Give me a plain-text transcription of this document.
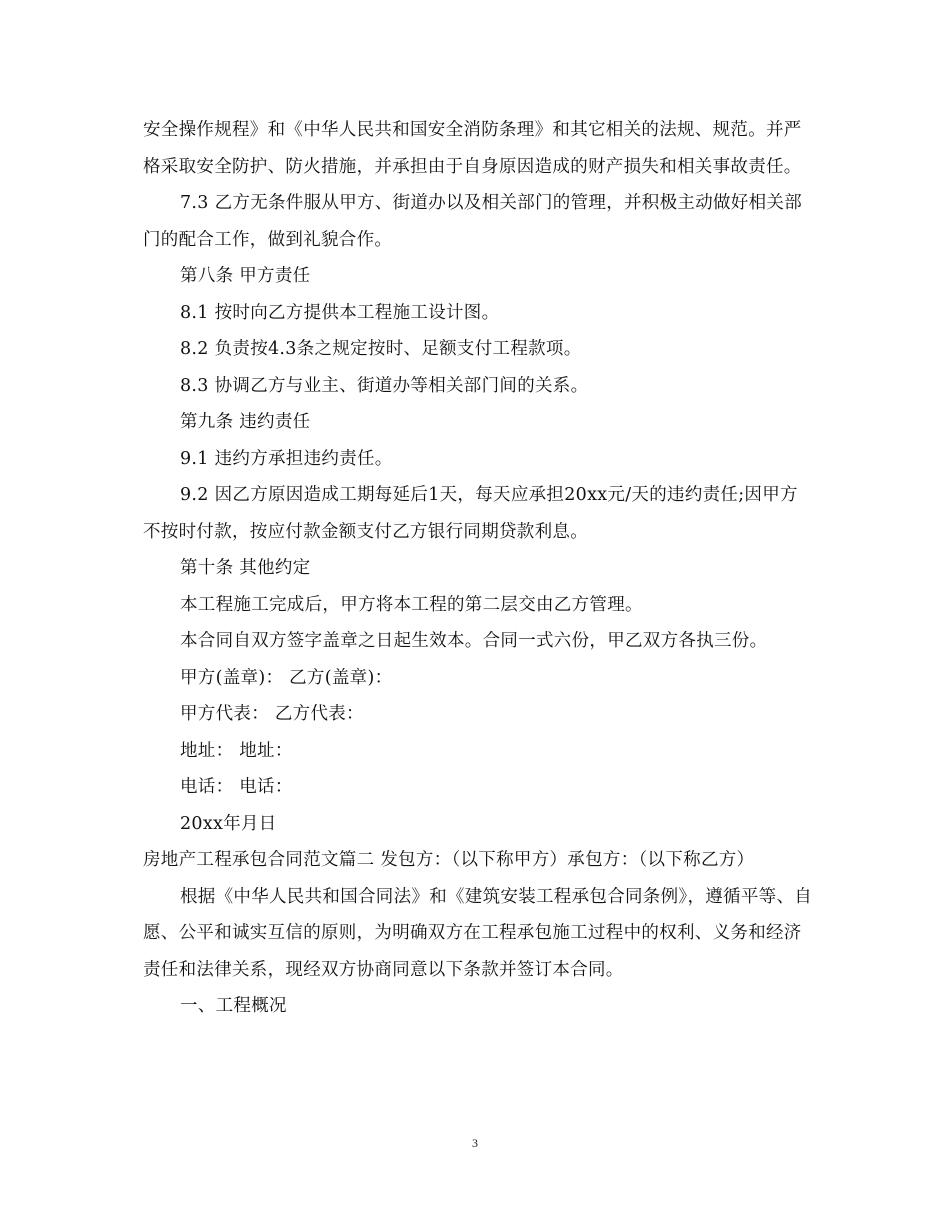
安全操作规程》和《中华人民共和国安全消防条理》和其它相关的法规、规范。并严格采取安全防护、防火措施，并承担由于自身原因造成的财产损失和相关事故责任。

7.3 乙方无条件服从甲方、街道办以及相关部门的管理，并积极主动做好相关部门的配合工作，做到礼貌合作。

第八条 甲方责任

8.1 按时向乙方提供本工程施工设计图。

8.2 负责按4.3条之规定按时、足额支付工程款项。

8.3 协调乙方与业主、街道办等相关部门间的关系。

第九条 违约责任

9.1 违约方承担违约责任。

9.2 因乙方原因造成工期每延后1天，每天应承担20xx元/天的违约责任;因甲方不按时付款，按应付款金额支付乙方银行同期贷款利息。

第十条 其他约定

本工程施工完成后，甲方将本工程的第二层交由乙方管理。

本合同自双方签字盖章之日起生效本。合同一式六份，甲乙双方各执三份。

甲方(盖章)： 乙方(盖章)：

甲方代表： 乙方代表：

地址： 地址：

电话： 电话：

20xx年月日

房地产工程承包合同范文篇二 发包方：（以下称甲方）承包方：（以下称乙方）

根据《中华人民共和国合同法》和《建筑安装工程承包合同条例》，遵循平等、自愿、公平和诚实互信的原则，为明确双方在工程承包施工过程中的权利、义务和经济责任和法律关系，现经双方协商同意以下条款并签订本合同。

一、工程概况

3
